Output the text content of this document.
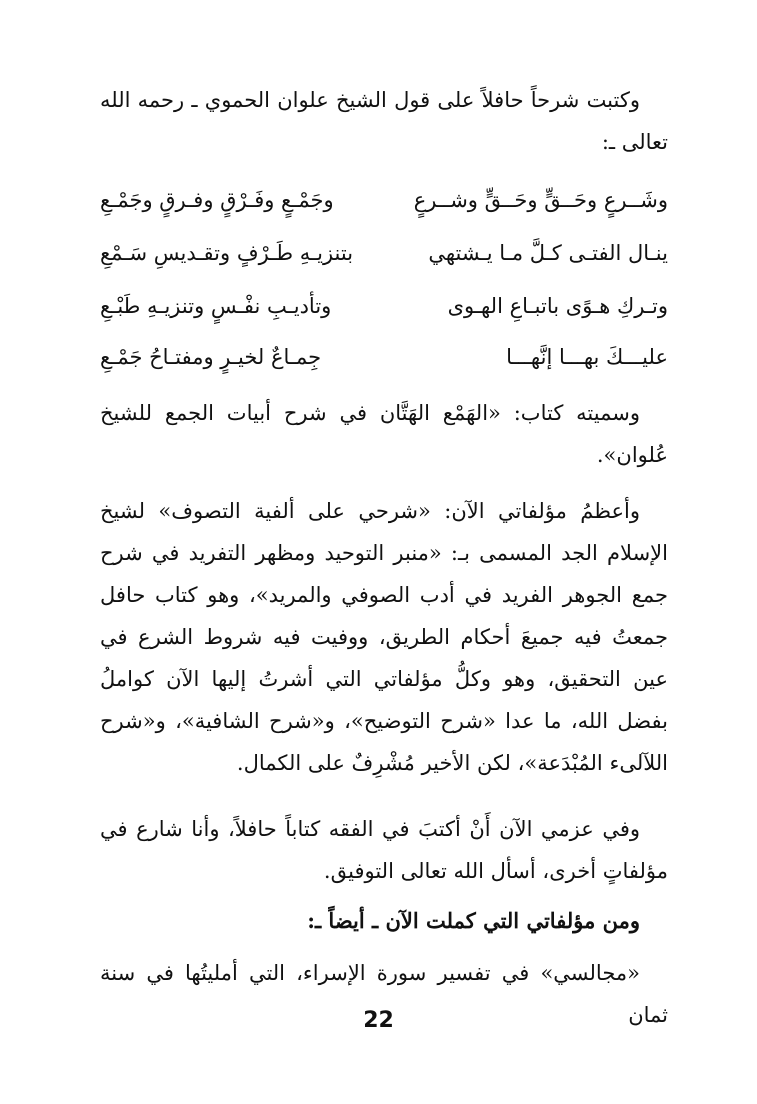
وكتبت شرحاً حافلاً على قول الشيخ علوان الحموي ـ رحمه الله تعالى ـ:

وشَــرعٍ وحَــقٍّ وحَــقٍّ وشــرعٍ
وجَمْـعٍ وفَـرْقٍ وفـرقٍ وجَمْـعِ
ينـال الفتـى كـلَّ مـا يـشتهي
بتنزيـهِ طَـرْفٍ وتقـديسِ سَـمْعِ
وتـركِ هـوًى باتبـاعِ الهـوى
وتأديـبِ نفْـسٍ وتنزيـهِ طَبْـعِ
عليـــكَ بهـــا إنَّهـــا
جِمـاعٌ لخيـرٍ ومفتـاحُ جَمْـعِ

وسميته كتاب: «الهَمْع الهَتَّان في شرح أبيات الجمع للشيخ عُلوان».

وأعظمُ مؤلفاتي الآن: «شرحي على ألفية التصوف» لشيخ الإسلام الجد المسمى بـ: «منبر التوحيد ومظهر التفريد في شرح جمع الجوهر الفريد في أدب الصوفي والمريد»، وهو كتاب حافل جمعتُ فيه جميعَ أحكام الطريق، ووفيت فيه شروط الشرع في عين التحقيق، وهو وكلُّ مؤلفاتي التي أشرتُ إليها الآن كواملُ بفضل الله، ما عدا «شرح التوضيح»، و«شرح الشافية»، و«شرح اللآلىء المُبْدَعة»، لكن الأخير مُشْرِفٌ على الكمال.

وفي عزمي الآن أَنْ أكتبَ في الفقه كتاباً حافلاً، وأنا شارع في مؤلفاتٍ أخرى، أسأل الله تعالى التوفيق.

ومن مؤلفاتي التي كملت الآن ـ أيضاً ـ:

«مجالسي» في تفسير سورة الإسراء، التي أمليتُها في سنة ثمان

22
